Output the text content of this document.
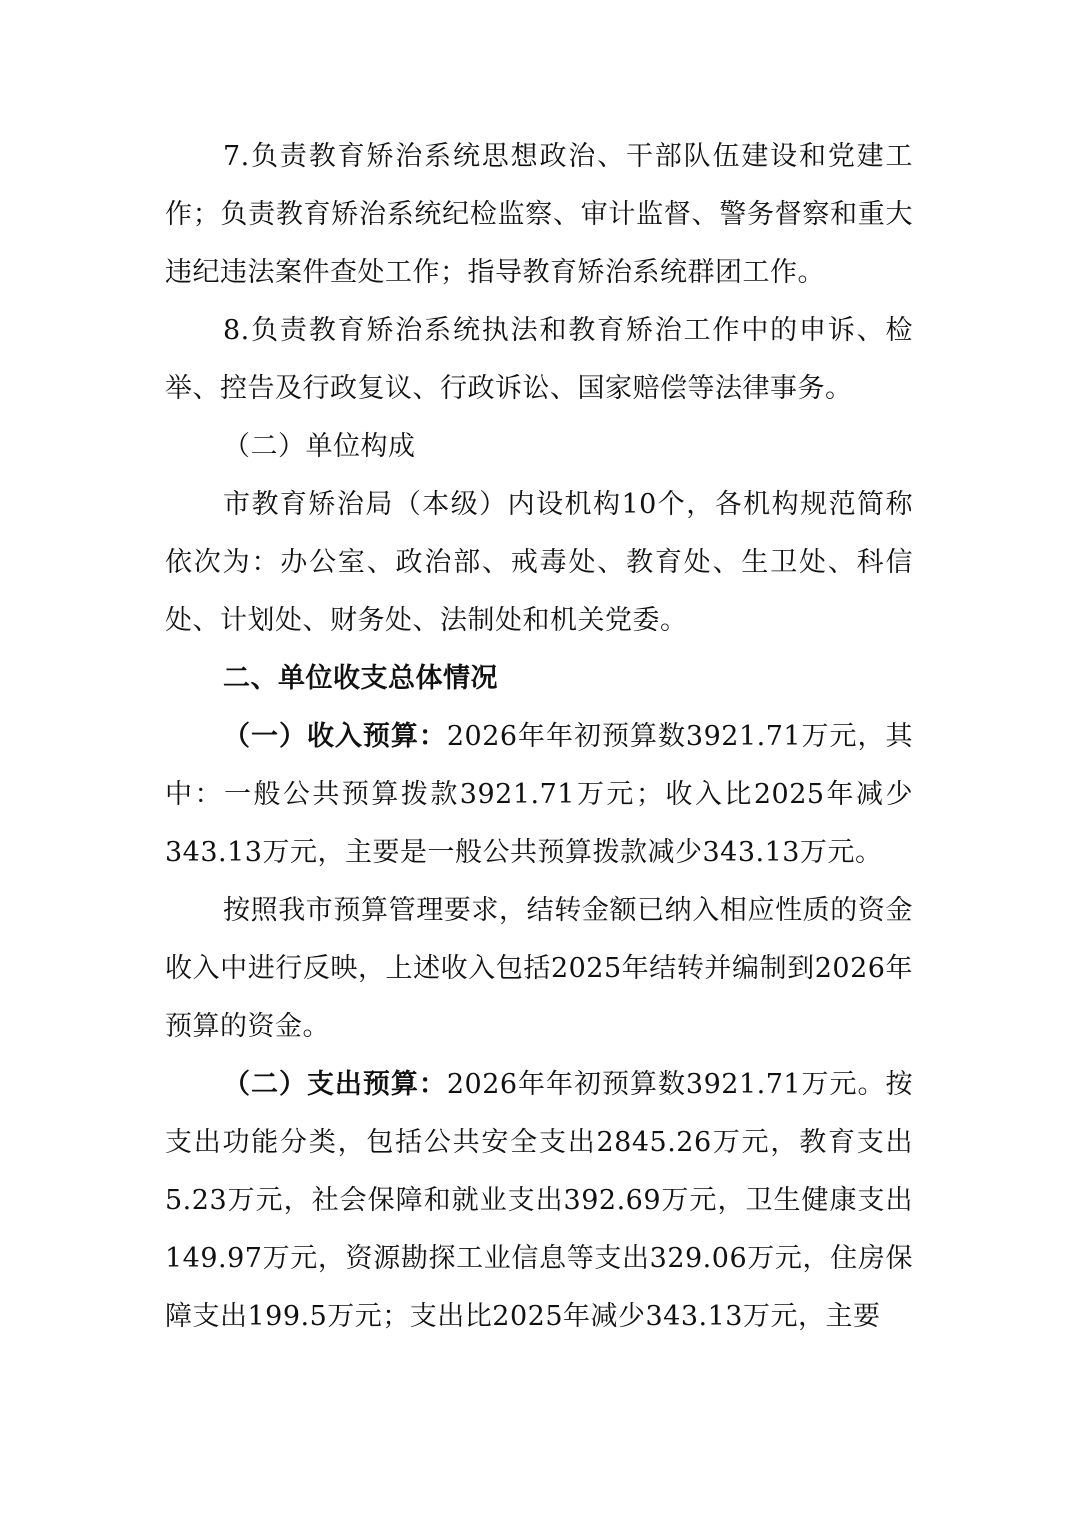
7.负责教育矫治系统思想政治、干部队伍建设和党建工作；负责教育矫治系统纪检监察、审计监督、警务督察和重大违纪违法案件查处工作；指导教育矫治系统群团工作。

8.负责教育矫治系统执法和教育矫治工作中的申诉、检举、控告及行政复议、行政诉讼、国家赔偿等法律事务。

（二）单位构成

市教育矫治局（本级）内设机构10个，各机构规范简称依次为：办公室、政治部、戒毒处、教育处、生卫处、科信处、计划处、财务处、法制处和机关党委。

二、单位收支总体情况

（一）收入预算：2026年年初预算数3921.71万元，其中：一般公共预算拨款3921.71万元；收入比2025年减少343.13万元，主要是一般公共预算拨款减少343.13万元。

按照我市预算管理要求，结转金额已纳入相应性质的资金收入中进行反映，上述收入包括2025年结转并编制到2026年预算的资金。

（二）支出预算：2026年年初预算数3921.71万元。按支出功能分类，包括公共安全支出2845.26万元，教育支出5.23万元，社会保障和就业支出392.69万元，卫生健康支出149.97万元，资源勘探工业信息等支出329.06万元，住房保障支出199.5万元；支出比2025年减少343.13万元，主要
